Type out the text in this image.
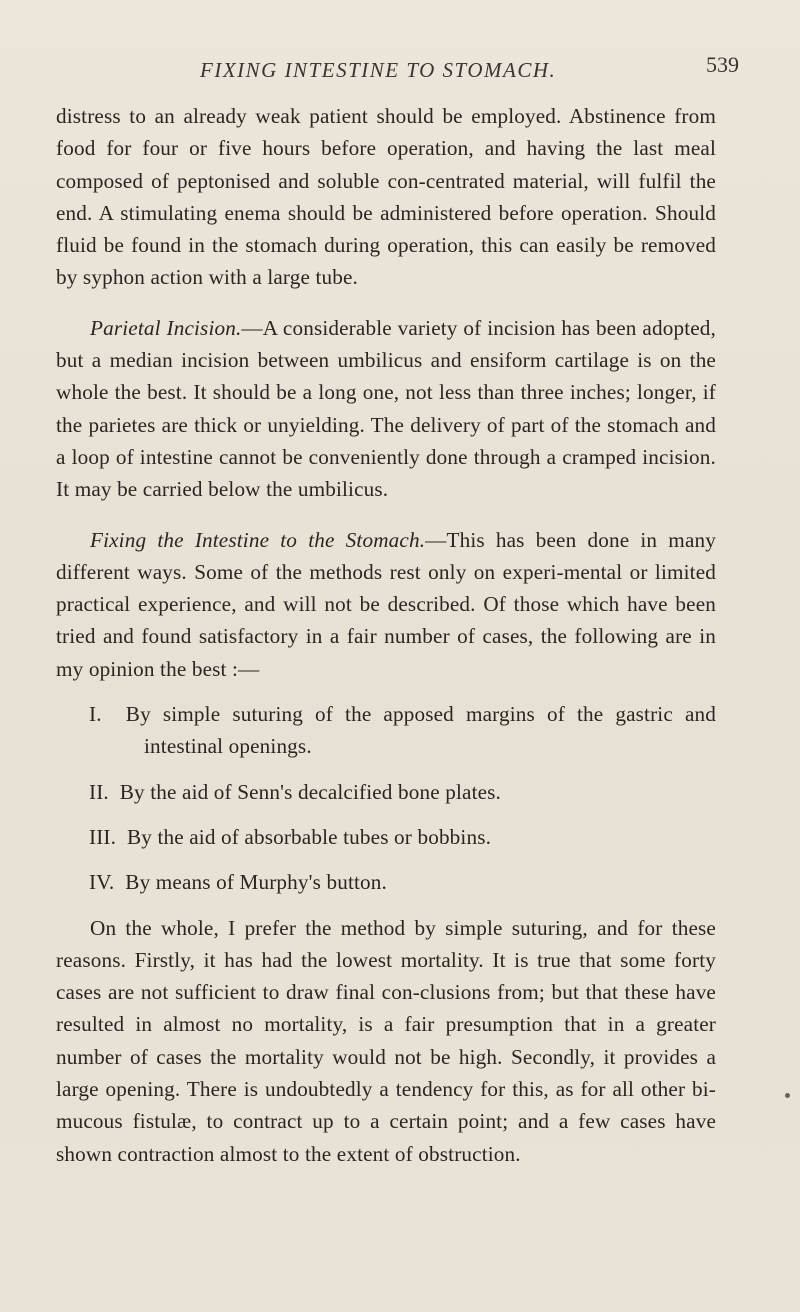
FIXING INTESTINE TO STOMACH.	539

distress to an already weak patient should be employed. Abstinence from food for four or five hours before operation, and having the last meal composed of peptonised and soluble con-centrated material, will fulfil the end. A stimulating enema should be administered before operation. Should fluid be found in the stomach during operation, this can easily be removed by syphon action with a large tube.

Parietal Incision.—A considerable variety of incision has been adopted, but a median incision between umbilicus and ensiform cartilage is on the whole the best. It should be a long one, not less than three inches; longer, if the parietes are thick or unyielding. The delivery of part of the stomach and a loop of intestine cannot be conveniently done through a cramped incision. It may be carried below the umbilicus.

Fixing the Intestine to the Stomach.—This has been done in many different ways. Some of the methods rest only on experi-mental or limited practical experience, and will not be described. Of those which have been tried and found satisfactory in a fair number of cases, the following are in my opinion the best :—

I. By simple suturing of the apposed margins of the gastric and intestinal openings.

II. By the aid of Senn's decalcified bone plates.

III. By the aid of absorbable tubes or bobbins.

IV. By means of Murphy's button.

On the whole, I prefer the method by simple suturing, and for these reasons. Firstly, it has had the lowest mortality. It is true that some forty cases are not sufficient to draw final con-clusions from; but that these have resulted in almost no mortality, is a fair presumption that in a greater number of cases the mortality would not be high. Secondly, it provides a large opening. There is undoubtedly a tendency for this, as for all other bi-mucous fistulæ, to contract up to a certain point; and a few cases have shown contraction almost to the extent of obstruction.
